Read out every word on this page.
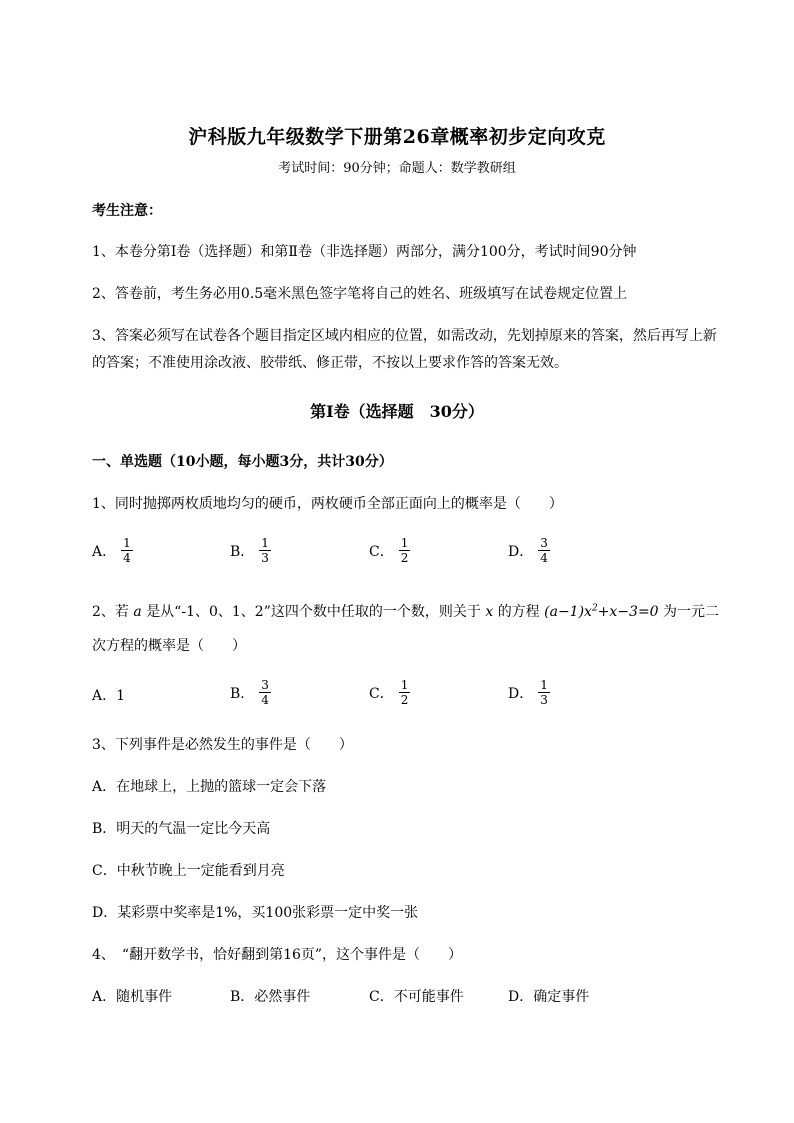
沪科版九年级数学下册第26章概率初步定向攻克
考试时间：90分钟；命题人：数学教研组
考生注意：
1、本卷分第I卷（选择题）和第Ⅱ卷（非选择题）两部分，满分100分，考试时间90分钟
2、答卷前，考生务必用0.5毫米黑色签字笔将自己的姓名、班级填写在试卷规定位置上
3、答案必须写在试卷各个题目指定区域内相应的位置，如需改动，先划掉原来的答案，然后再写上新
的答案；不准使用涂改液、胶带纸、修正带，不按以上要求作答的答案无效。
第I卷（选择题　30分）
一、单选题（10小题，每小题3分，共计30分）
1、同时抛掷两枚质地均匀的硬币，两枚硬币全部正面向上的概率是（　　）
A． $\frac{1}{4}$	B． $\frac{1}{3}$	C． $\frac{1}{2}$	D． $\frac{3}{4}$
2、若 a 是从“-1、0、1、2”这四个数中任取的一个数，则关于 x 的方程 $(a-1)x^2+x-3=0$ 为一元二
次方程的概率是（　　）
A．1	B． $\frac{3}{4}$	C． $\frac{1}{2}$	D． $\frac{1}{3}$
3、下列事件是必然发生的事件是（　　）
A．在地球上，上抛的篮球一定会下落
B．明天的气温一定比今天高
C．中秋节晚上一定能看到月亮
D．某彩票中奖率是1%，买100张彩票一定中奖一张
4、　“翻开数学书，恰好翻到第16页”，这个事件是（　　）
A．随机事件	B．必然事件	C．不可能事件	D．确定事件
